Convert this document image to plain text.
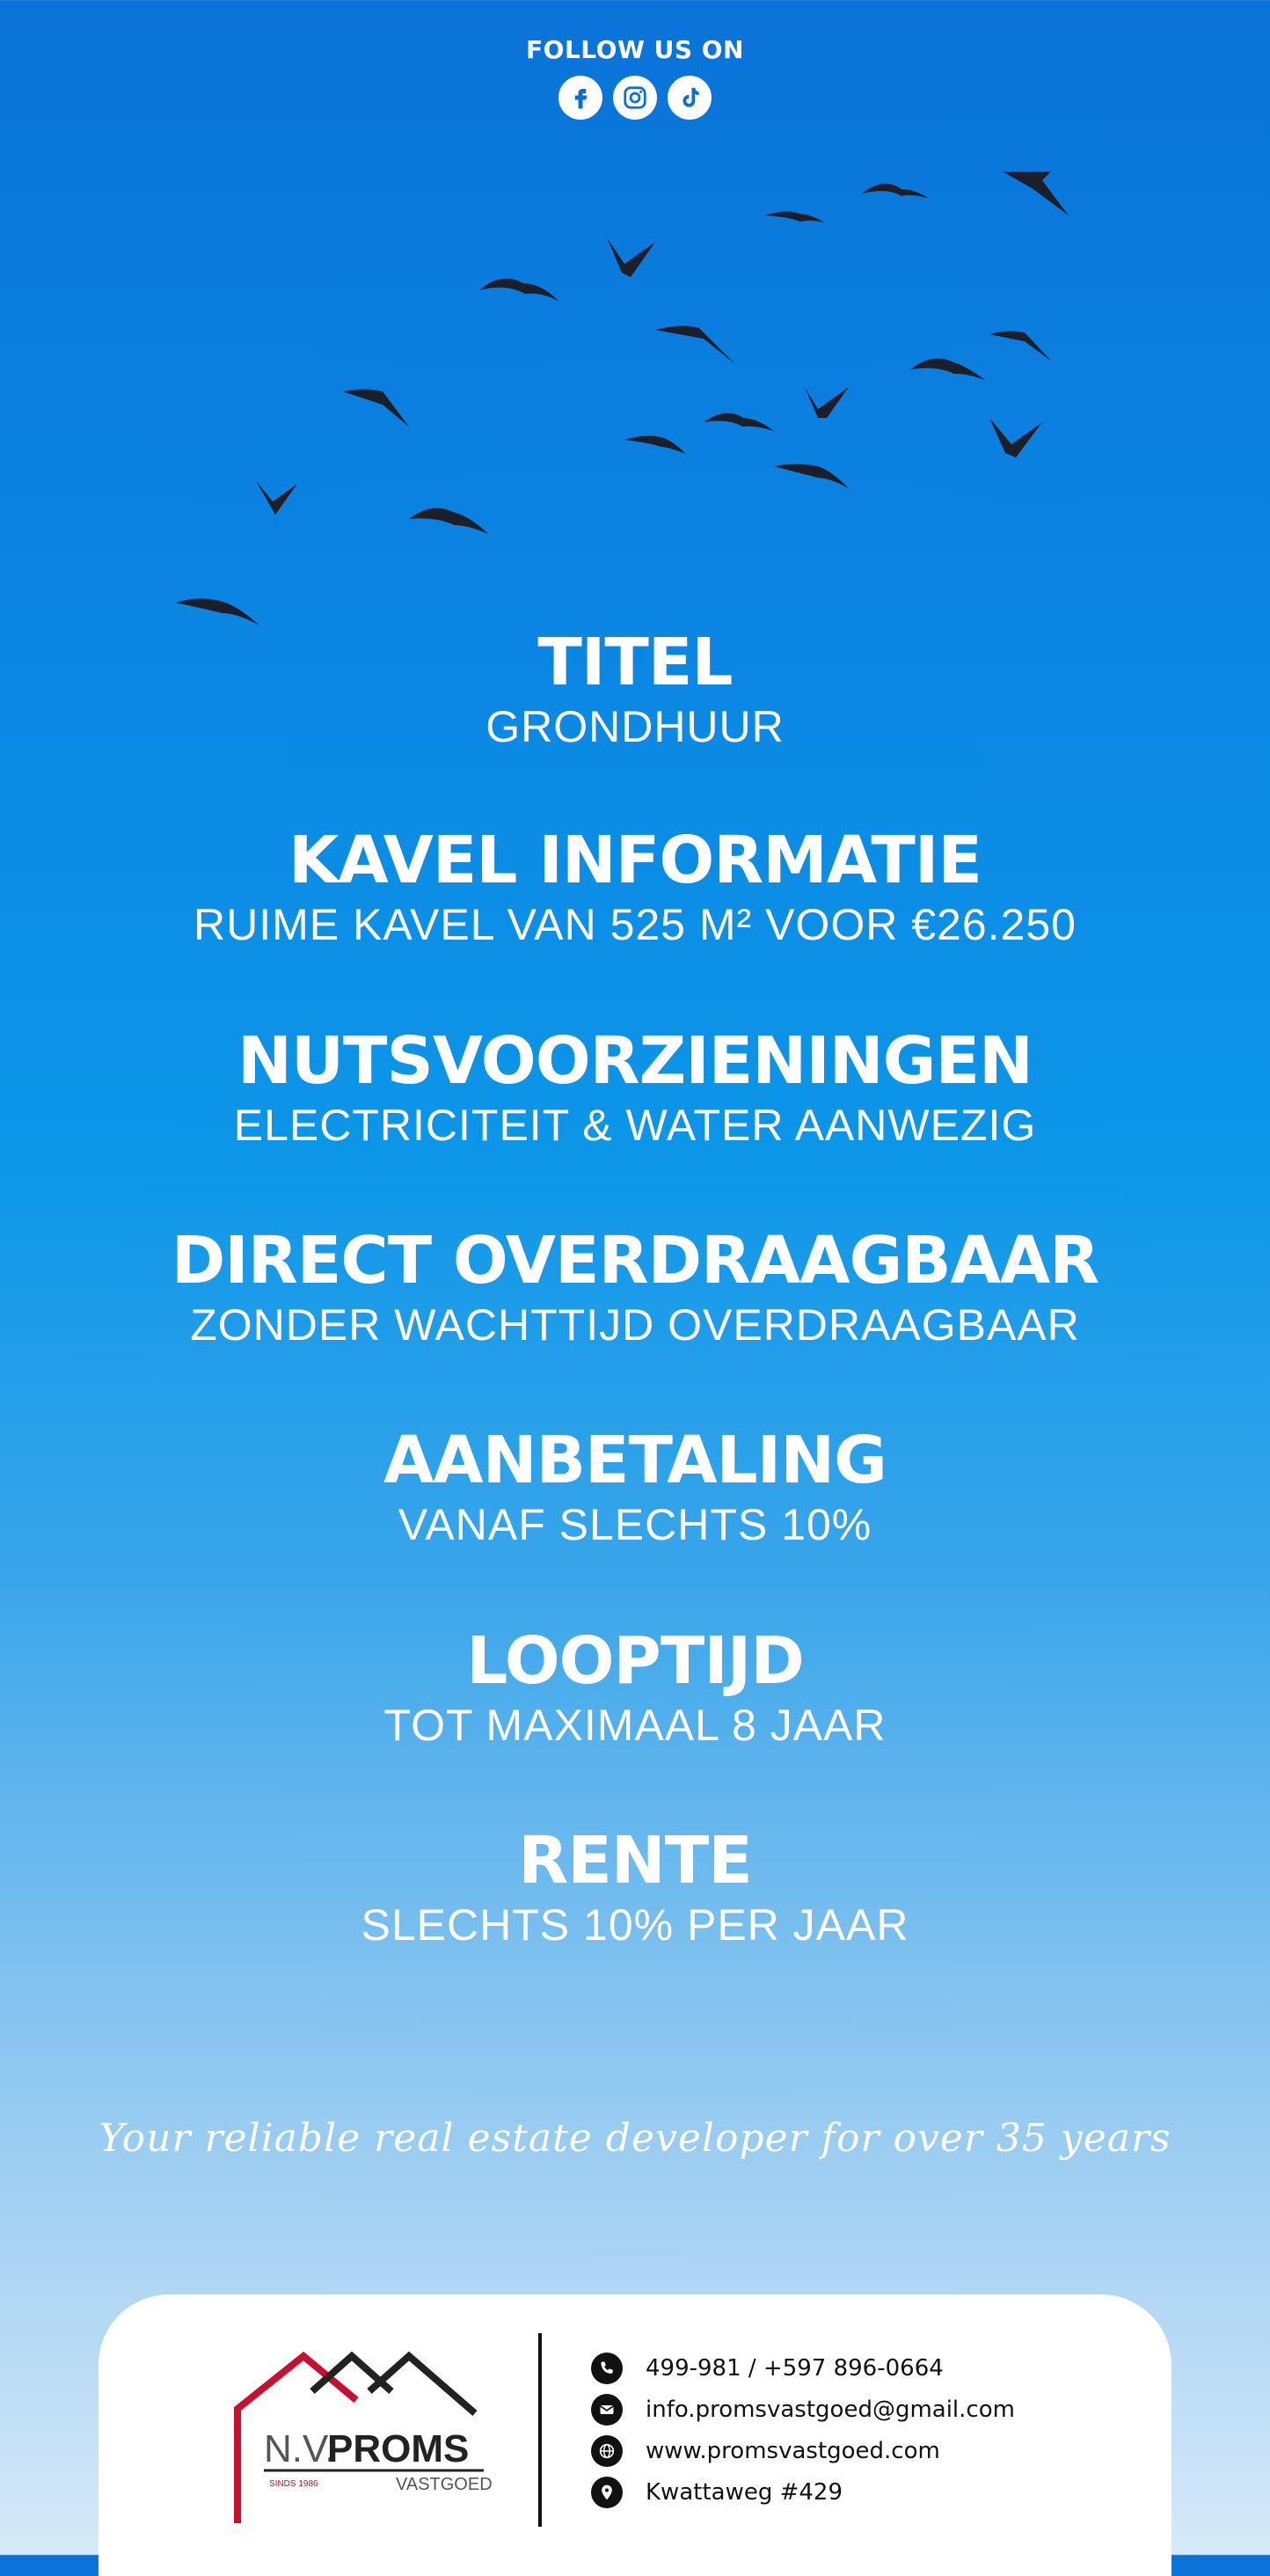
FOLLOW US ON
TITEL

GRONDHUUR

KAVEL INFORMATIE

RUIME KAVEL VAN 525 M² VOOR €26.250

NUTSVOORZIENINGEN

ELECTRICITEIT & WATER AANWEZIG

DIRECT OVERDRAAGBAAR

ZONDER WACHTTIJD OVERDRAAGBAAR

AANBETALING

VANAF SLECHTS 10%

LOOPTIJD

TOT MAXIMAAL 8 JAAR

RENTE

SLECHTS 10% PER JAAR

Your reliable real estate developer for over 35 years
N.V.
PROMS
SINDS 1986	VASTGOED
499-981 / +597 896-0664
info.promsvastgoed@gmail.com
www.promsvastgoed.com
Kwattaweg #429
